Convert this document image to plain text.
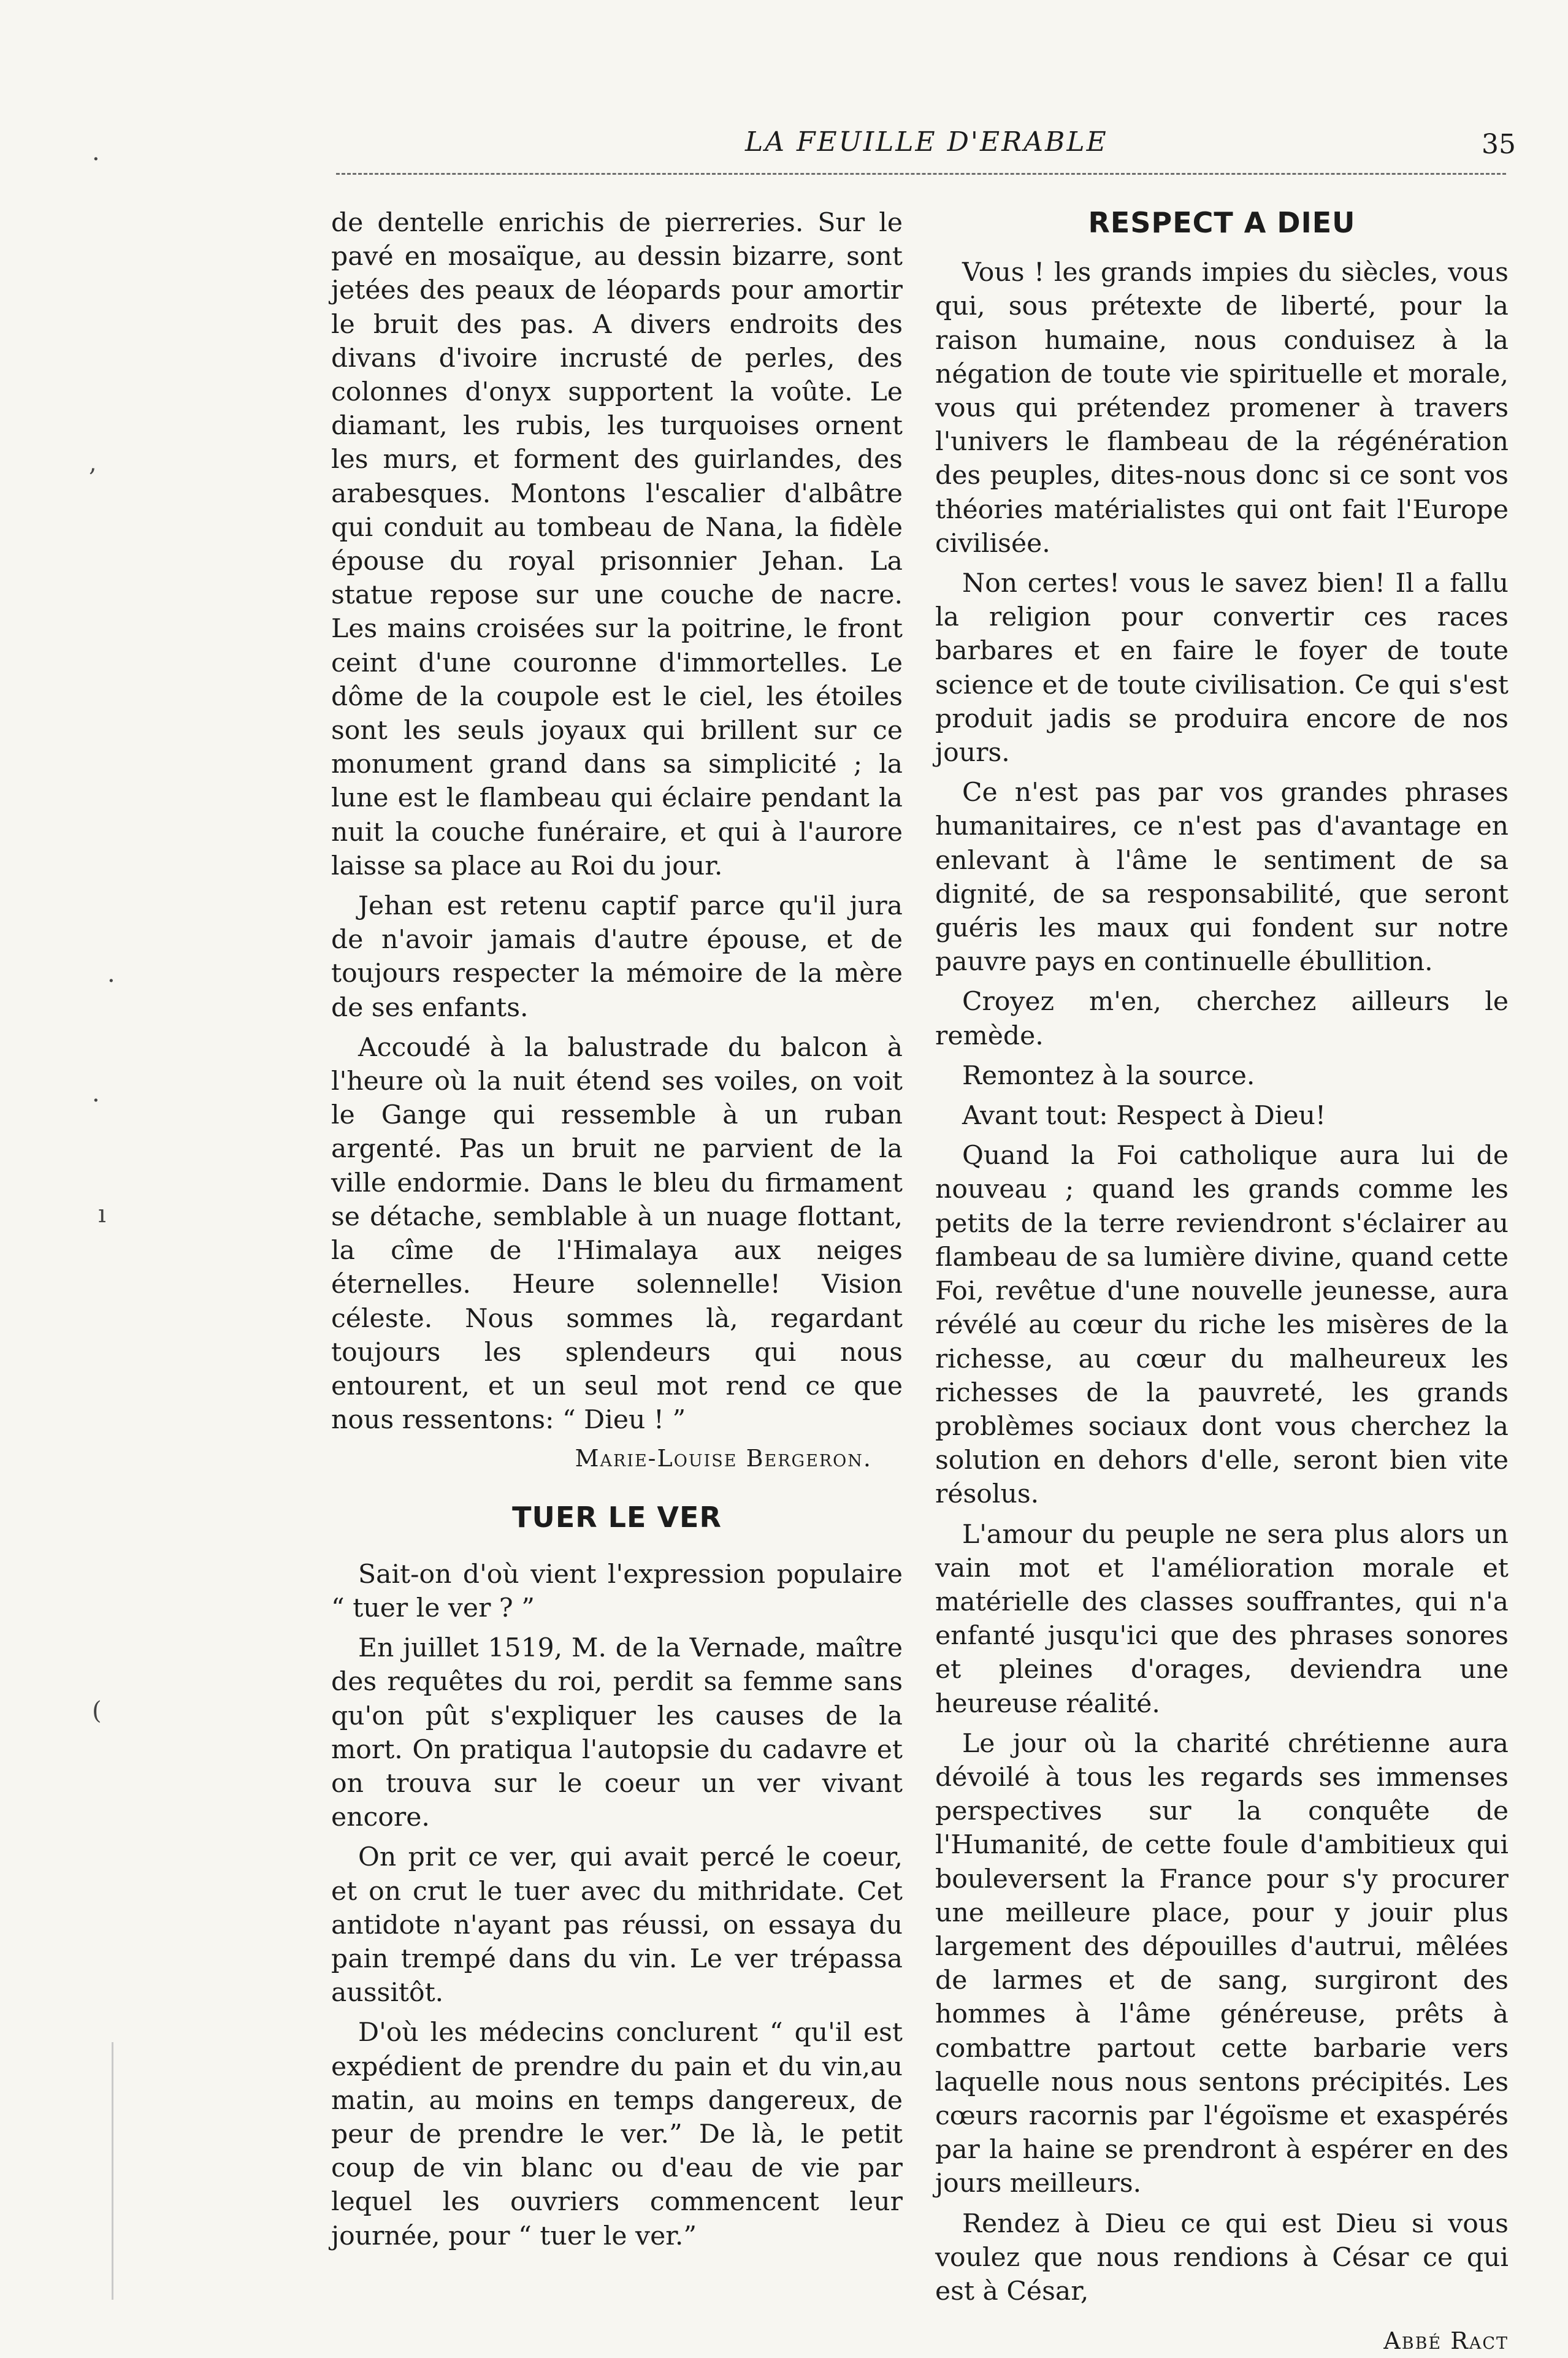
LA FEUILLE D'ERABLE	35
·
,
·
·
ı
(

de dentelle enrichis de pierreries. Sur le pavé en mosaïque, au dessin bizarre, sont jetées des peaux de léopards pour amortir le bruit des pas. A divers endroits des divans d'ivoire incrusté de perles, des colonnes d'onyx supportent la voûte. Le diamant, les rubis, les turquoises ornent les murs, et forment des guirlandes, des arabesques. Montons l'escalier d'albâtre qui conduit au tombeau de Nana, la fidèle épouse du royal prisonnier Jehan. La statue repose sur une couche de nacre. Les mains croisées sur la poitrine, le front ceint d'une couronne d'immortelles. Le dôme de la coupole est le ciel, les étoiles sont les seuls joyaux qui brillent sur ce monument grand dans sa simplicité ; la lune est le flambeau qui éclaire pendant la nuit la couche funéraire, et qui à l'aurore laisse sa place au Roi du jour.

Jehan est retenu captif parce qu'il jura de n'avoir jamais d'autre épouse, et de toujours respecter la mémoire de la mère de ses enfants.

Accoudé à la balustrade du balcon à l'heure où la nuit étend ses voiles, on voit le Gange qui ressemble à un ruban argenté. Pas un bruit ne parvient de la ville endormie. Dans le bleu du firmament se détache, semblable à un nuage flottant, la cîme de l'Himalaya aux neiges éternelles. Heure solennelle! Vision céleste. Nous sommes là, regardant toujours les splendeurs qui nous entourent, et un seul mot rend ce que nous ressentons: “ Dieu ! ”

Marie-Louise Bergeron.
TUER LE VER

Sait-on d'où vient l'expression populaire “ tuer le ver ? ”

En juillet 1519, M. de la Vernade, maître des requêtes du roi, perdit sa femme sans qu'on pût s'expliquer les causes de la mort. On pratiqua l'autopsie du cadavre et on trouva sur le coeur un ver vivant encore.

On prit ce ver, qui avait percé le coeur, et on crut le tuer avec du mithridate. Cet antidote n'ayant pas réussi, on essaya du pain trempé dans du vin. Le ver trépassa aussitôt.

D'où les médecins conclurent “ qu'il est expédient de prendre du pain et du vin,au matin, au moins en temps dangereux, de peur de prendre le ver.” De là, le petit coup de vin blanc ou d'eau de vie par lequel les ouvriers commencent leur journée, pour “ tuer le ver.”

RESPECT A DIEU

Vous ! les grands impies du siècles, vous qui, sous prétexte de liberté, pour la raison humaine, nous conduisez à la négation de toute vie spirituelle et morale, vous qui prétendez promener à travers l'univers le flambeau de la régénération des peuples, dites-nous donc si ce sont vos théories matérialistes qui ont fait l'Europe civilisée.

Non certes! vous le savez bien! Il a fallu la religion pour convertir ces races barbares et en faire le foyer de toute science et de toute civilisation. Ce qui s'est produit jadis se produira encore de nos jours.

Ce n'est pas par vos grandes phrases humanitaires, ce n'est pas d'avantage en enlevant à l'âme le sentiment de sa dignité, de sa responsabilité, que seront guéris les maux qui fondent sur notre pauvre pays en continuelle ébullition.

Croyez m'en, cherchez ailleurs le remède.

Remontez à la source.

Avant tout: Respect à Dieu!

Quand la Foi catholique aura lui de nouveau ; quand les grands comme les petits de la terre reviendront s'éclairer au flambeau de sa lumière divine, quand cette Foi, revêtue d'une nouvelle jeunesse, aura révélé au cœur du riche les misères de la richesse, au cœur du malheureux les richesses de la pauvreté, les grands problèmes sociaux dont vous cherchez la solution en dehors d'elle, seront bien vite résolus.

L'amour du peuple ne sera plus alors un vain mot et l'amélioration morale et matérielle des classes souffrantes, qui n'a enfanté jusqu'ici que des phrases sonores et pleines d'orages, deviendra une heureuse réalité.

Le jour où la charité chrétienne aura dévoilé à tous les regards ses immenses perspectives sur la conquête de l'Humanité, de cette foule d'ambitieux qui bouleversent la France pour s'y procurer une meilleure place, pour y jouir plus largement des dépouilles d'autrui, mêlées de larmes et de sang, surgiront des hommes à l'âme généreuse, prêts à combattre partout cette barbarie vers laquelle nous nous sentons précipités. Les cœurs racornis par l'égoïsme et exaspérés par la haine se prendront à espérer en des jours meilleurs.

Rendez à Dieu ce qui est Dieu si vous voulez que nous rendions à César ce qui est à César,

Abbé Ract
